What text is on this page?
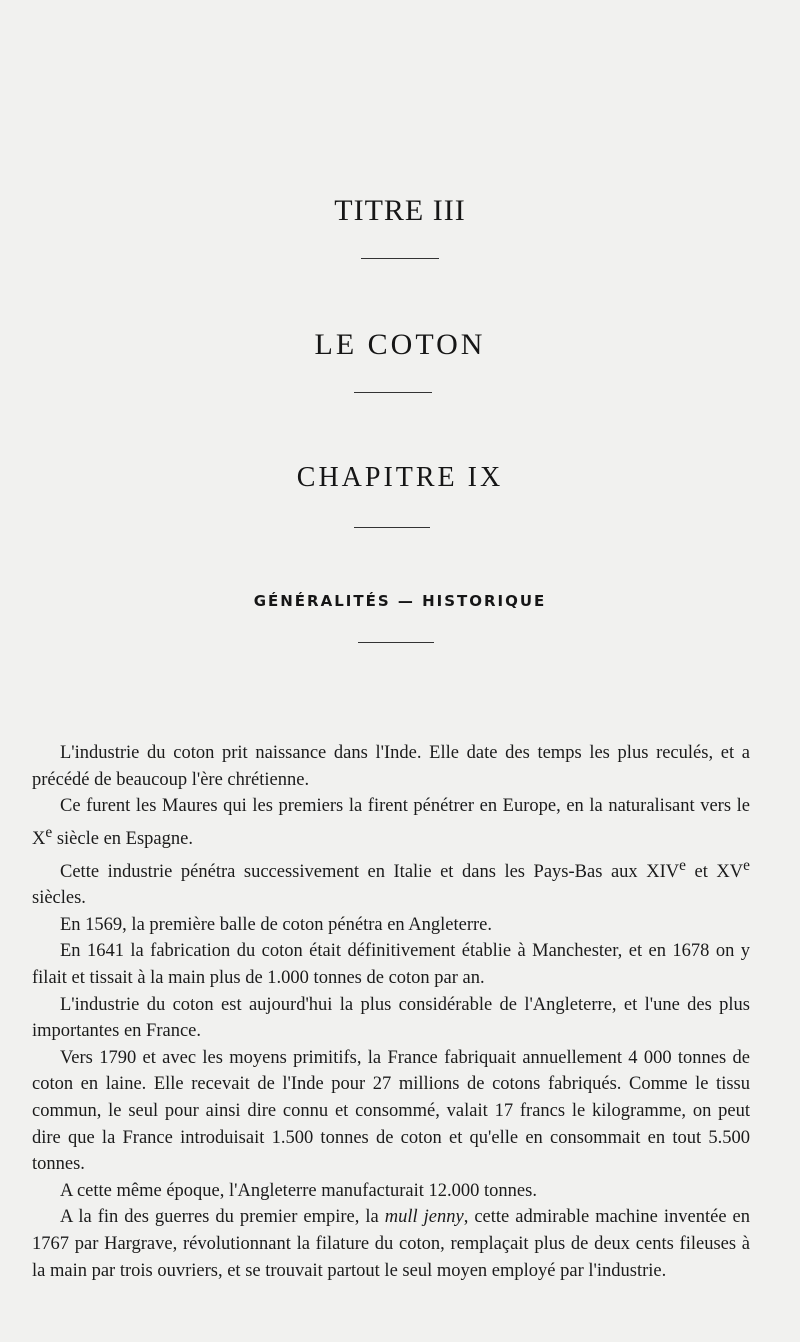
TITRE III
LE COTON
CHAPITRE IX
GÉNÉRALITÉS — HISTORIQUE

L'industrie du coton prit naissance dans l'Inde. Elle date des temps les plus reculés, et a précédé de beaucoup l'ère chrétienne.

Ce furent les Maures qui les premiers la firent pénétrer en Europe, en la naturalisant vers le Xe siècle en Espagne.

Cette industrie pénétra successivement en Italie et dans les Pays-Bas aux XIVe et XVe siècles.

En 1569, la première balle de coton pénétra en Angleterre.

En 1641 la fabrication du coton était définitivement établie à Manchester, et en 1678 on y filait et tissait à la main plus de 1.000 tonnes de coton par an.

L'industrie du coton est aujourd'hui la plus considérable de l'Angleterre, et l'une des plus importantes en France.

Vers 1790 et avec les moyens primitifs, la France fabriquait annuellement 4 000 tonnes de coton en laine. Elle recevait de l'Inde pour 27 millions de cotons fabriqués. Comme le tissu commun, le seul pour ainsi dire connu et consommé, valait 17 francs le kilogramme, on peut dire que la France introduisait 1.500 tonnes de coton et qu'elle en consommait en tout 5.500 tonnes.

A cette même époque, l'Angleterre manufacturait 12.000 tonnes.

A la fin des guerres du premier empire, la mull jenny, cette admirable machine inventée en 1767 par Hargrave, révolutionnant la filature du coton, remplaçait plus de deux cents fileuses à la main par trois ouvriers, et se trouvait partout le seul moyen employé par l'industrie.
